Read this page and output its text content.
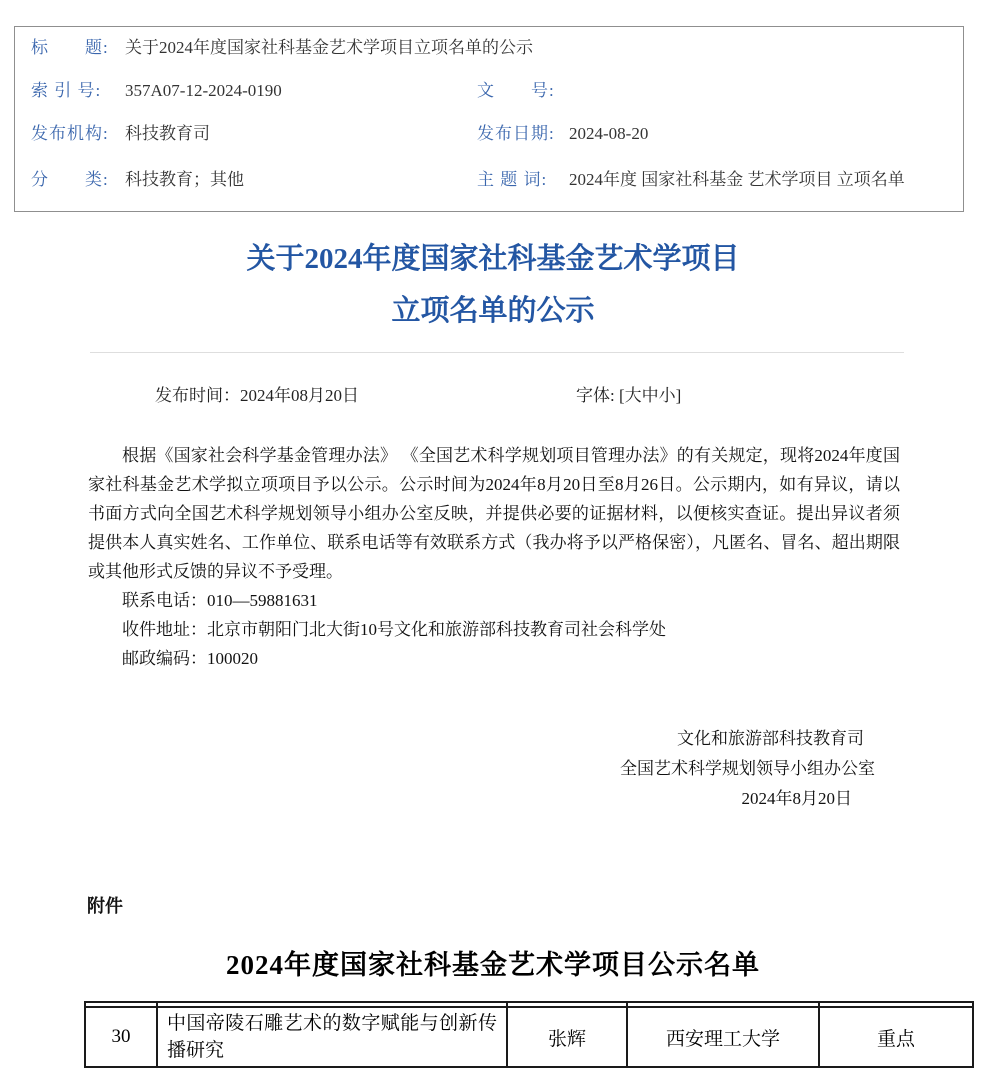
标　　题: 关于2024年度国家社科基金艺术学项目立项名单的公示
索 引 号: 357A07-12-2024-0190	文　　号:
发布机构: 科技教育司	发布日期: 2024-08-20
分　　类: 科技教育；其他	主 题 词: 2024年度 国家社科基金 艺术学项目 立项名单
关于2024年度国家社科基金艺术学项目
立项名单的公示
发布时间：2024年08月20日	字体: [大中小]

根据《国家社会科学基金管理办法》 《全国艺术科学规划项目管理办法》的有关规定，现将2024年度国家社科基金艺术学拟立项项目予以公示。公示时间为2024年8月20日至8月26日。公示期内，如有异议，请以书面方式向全国艺术科学规划领导小组办公室反映，并提供必要的证据材料，以便核实查证。提出异议者须提供本人真实姓名、工作单位、联系电话等有效联系方式（我办将予以严格保密），凡匿名、冒名、超出期限或其他形式反馈的异议不予受理。

联系电话：010—59881631
收件地址：北京市朝阳门北大街10号文化和旅游部科技教育司社会科学处
邮政编码：100020
文化和旅游部科技教育司
全国艺术科学规划领导小组办公室
2024年8月20日
附件
2024年度国家社科基金艺术学项目公示名单

30	中国帝陵石雕艺术的数字赋能与创新传播研究	张辉	西安理工大学	重点
